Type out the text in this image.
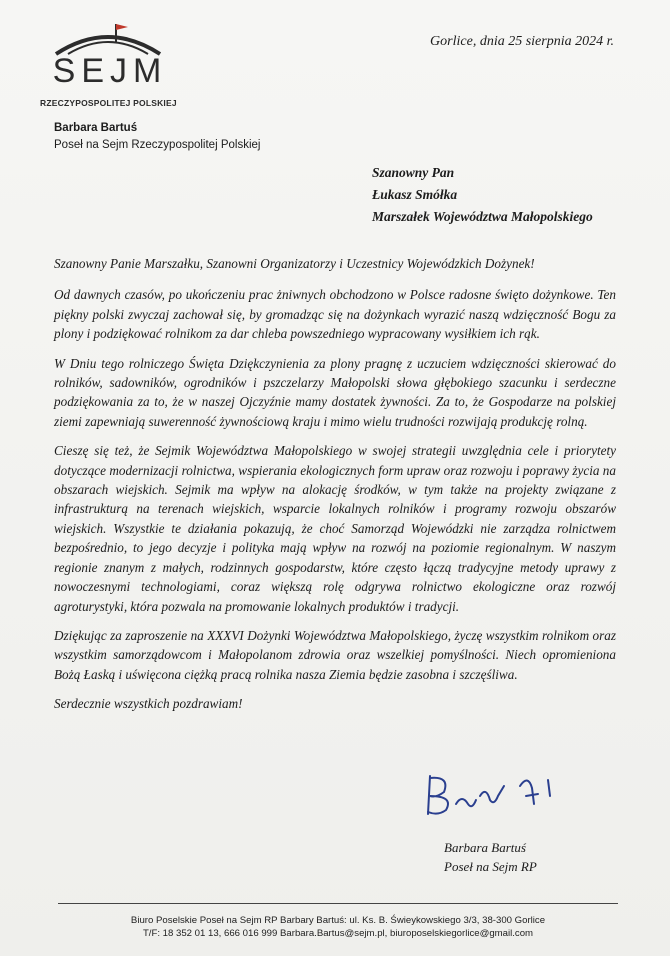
SEJM
RZECZYPOSPOLITEJ POLSKIEJ
Barbara Bartuś
Poseł na Sejm Rzeczypospolitej Polskiej
Gorlice, dnia 25 sierpnia 2024 r.
Szanowny Pan
Łukasz Smółka
Marszałek Województwa Małopolskiego

Szanowny Panie Marszałku, Szanowni Organizatorzy i Uczestnicy Wojewódzkich Dożynek!

Od dawnych czasów, po ukończeniu prac żniwnych obchodzono w Polsce radosne święto dożynkowe. Ten piękny polski zwyczaj zachował się, by gromadząc się na dożynkach wyrazić naszą wdzięczność Bogu za plony i podziękować rolnikom za dar chleba powszedniego wypracowany wysiłkiem ich rąk.

W Dniu tego rolniczego Święta Dziękczynienia za plony pragnę z uczuciem wdzięczności skierować do rolników, sadowników, ogrodników i pszczelarzy Małopolski słowa głębokiego szacunku i serdeczne podziękowania za to, że w naszej Ojczyźnie mamy dostatek żywności. Za to, że Gospodarze na polskiej ziemi zapewniają suwerenność żywnościową kraju i mimo wielu trudności rozwijają produkcję rolną.

Cieszę się też, że Sejmik Województwa Małopolskiego w swojej strategii uwzględnia cele i priorytety dotyczące modernizacji rolnictwa, wspierania ekologicznych form upraw oraz rozwoju i poprawy życia na obszarach wiejskich. Sejmik ma wpływ na alokację środków, w tym także na projekty związane z infrastrukturą na terenach wiejskich, wsparcie lokalnych rolników i programy rozwoju obszarów wiejskich. Wszystkie te działania pokazują, że choć Samorząd Wojewódzki nie zarządza rolnictwem bezpośrednio, to jego decyzje i polityka mają wpływ na rozwój na poziomie regionalnym. W naszym regionie znanym z małych, rodzinnych gospodarstw, które często łączą tradycyjne metody uprawy z nowoczesnymi technologiami, coraz większą rolę odgrywa rolnictwo ekologiczne oraz rozwój agroturystyki, która pozwala na promowanie lokalnych produktów i tradycji.

Dziękując za zaproszenie na XXXVI Dożynki Województwa Małopolskiego, życzę wszystkim rolnikom oraz wszystkim samorządowcom i Małopolanom zdrowia oraz wszelkiej pomyślności. Niech opromieniona Bożą Łaską i uświęcona ciężką pracą rolnika nasza Ziemia będzie zasobna i szczęśliwa.

Serdecznie wszystkich pozdrawiam!

Barbara Bartuś
Poseł na Sejm RP
Biuro Poselskie Poseł na Sejm RP Barbary Bartuś: ul. Ks. B. Świeykowskiego 3/3, 38-300 Gorlice
T/F: 18 352 01 13, 666 016 999 Barbara.Bartus@sejm.pl, biuroposelskiegorlice@gmail.com
